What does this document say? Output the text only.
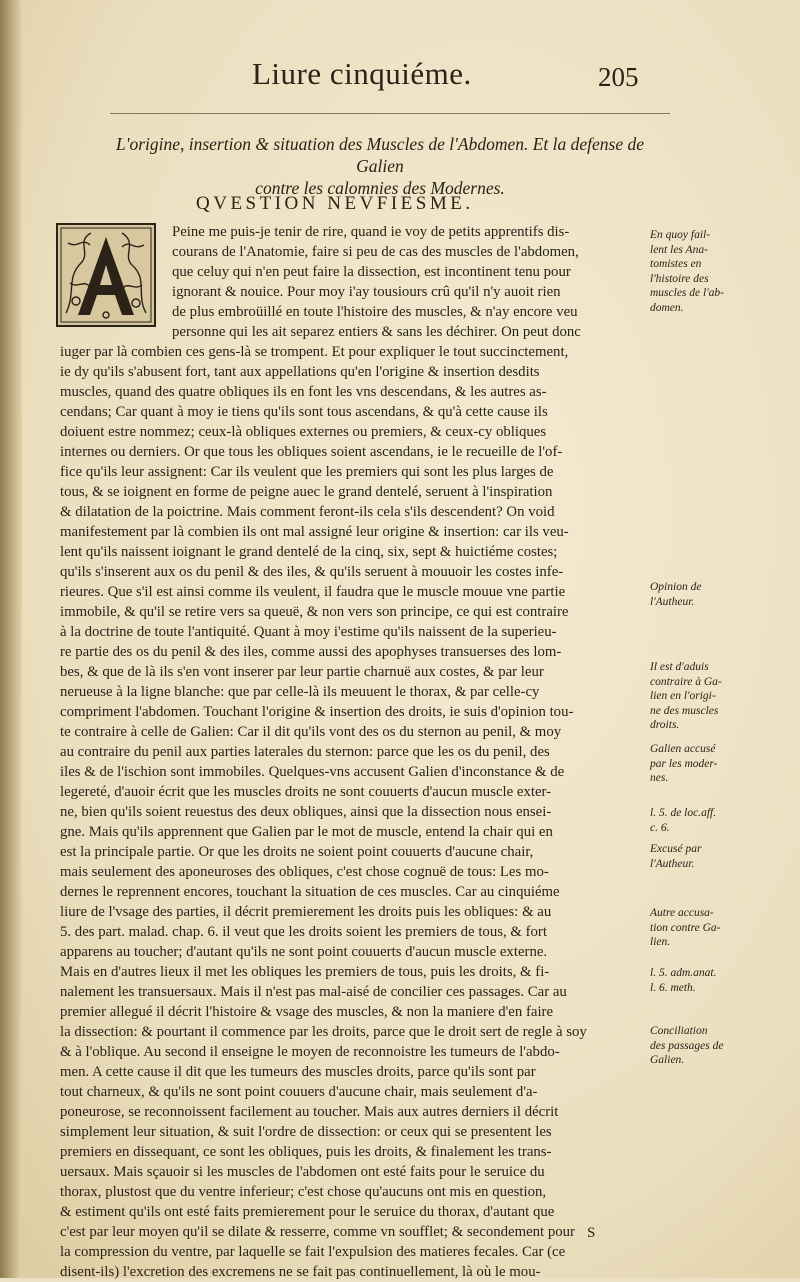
Liure cinquiéme.	205
L'origine, insertion & situation des Muscles de l'Abdomen. Et la defense de Galien
contre les calomnies des Modernes.
QVESTION NEVFIESME.
Peine me puis-je tenir de rire, quand ie voy de petits apprentifs dis-
courans de l'Anatomie, faire si peu de cas des muscles de l'abdomen,
que celuy qui n'en peut faire la dissection, est incontinent tenu pour
ignorant & nouice. Pour moy i'ay tousiours crû qu'il n'y auoit rien
de plus embroüillé en toute l'histoire des muscles, & n'ay encore veu
personne qui les ait separez entiers & sans les déchirer. On peut donc
iuger par là combien ces gens-là se trompent. Et pour expliquer le tout succinctement,
ie dy qu'ils s'abusent fort, tant aux appellations qu'en l'origine & insertion desdits
muscles, quand des quatre obliques ils en font les vns descendans, & les autres as-
cendans; Car quant à moy ie tiens qu'ils sont tous ascendans, & qu'à cette cause ils
doiuent estre nommez; ceux-là obliques externes ou premiers, & ceux-cy obliques
internes ou derniers. Or que tous les obliques soient ascendans, ie le recueille de l'of-
fice qu'ils leur assignent: Car ils veulent que les premiers qui sont les plus larges de
tous, & se ioignent en forme de peigne auec le grand dentelé, seruent à l'inspiration
& dilatation de la poictrine. Mais comment feront-ils cela s'ils descendent? On void
manifestement par là combien ils ont mal assigné leur origine & insertion: car ils veu-
lent qu'ils naissent ioignant le grand dentelé de la cinq, six, sept & huictiéme costes;
qu'ils s'inserent aux os du penil & des iles, & qu'ils seruent à mouuoir les costes infe-
rieures. Que s'il est ainsi comme ils veulent, il faudra que le muscle mouue vne partie
immobile, & qu'il se retire vers sa queuë, & non vers son principe, ce qui est contraire
à la doctrine de toute l'antiquité. Quant à moy i'estime qu'ils naissent de la superieu-
re partie des os du penil & des iles, comme aussi des apophyses transuerses des lom-
bes, & que de là ils s'en vont inserer par leur partie charnuë aux costes, & par leur
nerueuse à la ligne blanche: que par celle-là ils meuuent le thorax, & par celle-cy
compriment l'abdomen. Touchant l'origine & insertion des droits, ie suis d'opinion tou-
te contraire à celle de Galien: Car il dit qu'ils vont des os du sternon au penil, & moy
au contraire du penil aux parties laterales du sternon: parce que les os du penil, des
iles & de l'ischion sont immobiles. Quelques-vns accusent Galien d'inconstance & de
legereté, d'auoir écrit que les muscles droits ne sont couuerts d'aucun muscle exter-
ne, bien qu'ils soient reuestus des deux obliques, ainsi que la dissection nous ensei-
gne. Mais qu'ils apprennent que Galien par le mot de muscle, entend la chair qui en
est la principale partie. Or que les droits ne soient point couuerts d'aucune chair,
mais seulement des aponeuroses des obliques, c'est chose cognuë de tous: Les mo-
dernes le reprennent encores, touchant la situation de ces muscles. Car au cinquiéme
liure de l'vsage des parties, il décrit premierement les droits puis les obliques: & au
5. des part. malad. chap. 6. il veut que les droits soient les premiers de tous, & fort
apparens au toucher; d'autant qu'ils ne sont point couuerts d'aucun muscle externe.
Mais en d'autres lieux il met les obliques les premiers de tous, puis les droits, & fi-
nalement les transuersaux. Mais il n'est pas mal-aisé de concilier ces passages. Car au
premier allegué il décrit l'histoire & vsage des muscles, & non la maniere d'en faire
la dissection: & pourtant il commence par les droits, parce que le droit sert de regle à soy
& à l'oblique. Au second il enseigne le moyen de reconnoistre les tumeurs de l'abdo-
men. A cette cause il dit que les tumeurs des muscles droits, parce qu'ils sont par
tout charneux, & qu'ils ne sont point couuers d'aucune chair, mais seulement d'a-
poneurose, se reconnoissent facilement au toucher. Mais aux autres derniers il décrit
simplement leur situation, & suit l'ordre de dissection: or ceux qui se presentent les
premiers en dissequant, ce sont les obliques, puis les droits, & finalement les trans-
uersaux. Mais sçauoir si les muscles de l'abdomen ont esté faits pour le seruice du
thorax, plustost que du ventre inferieur; c'est chose qu'aucuns ont mis en question,
& estiment qu'ils ont esté faits premierement pour le seruice du thorax, d'autant que
c'est par leur moyen qu'il se dilate & resserre, comme vn soufflet; & secondement pour
la compression du ventre, par laquelle se fait l'expulsion des matieres fecales. Car (ce
disent-ils) l'excretion des excremens ne se fait pas continuellement, là où le mou-
En quoy fail-
lent les Ana-
tomistes en
l'histoire des
muscles de l'ab-
domen.
Opinion de
l'Autheur.
Il est d'aduis
contraire à Ga-
lien en l'origi-
ne des muscles
droits.
Galien accusé
par les moder-
nes.
l. 5. de loc.aff.
c. 6.
Excusé par
l'Autheur.
Autre accusa-
tion contre Ga-
lien.
l. 5. adm.anat.
l. 6. meth.
Conciliation
des passages de
Galien.
S
